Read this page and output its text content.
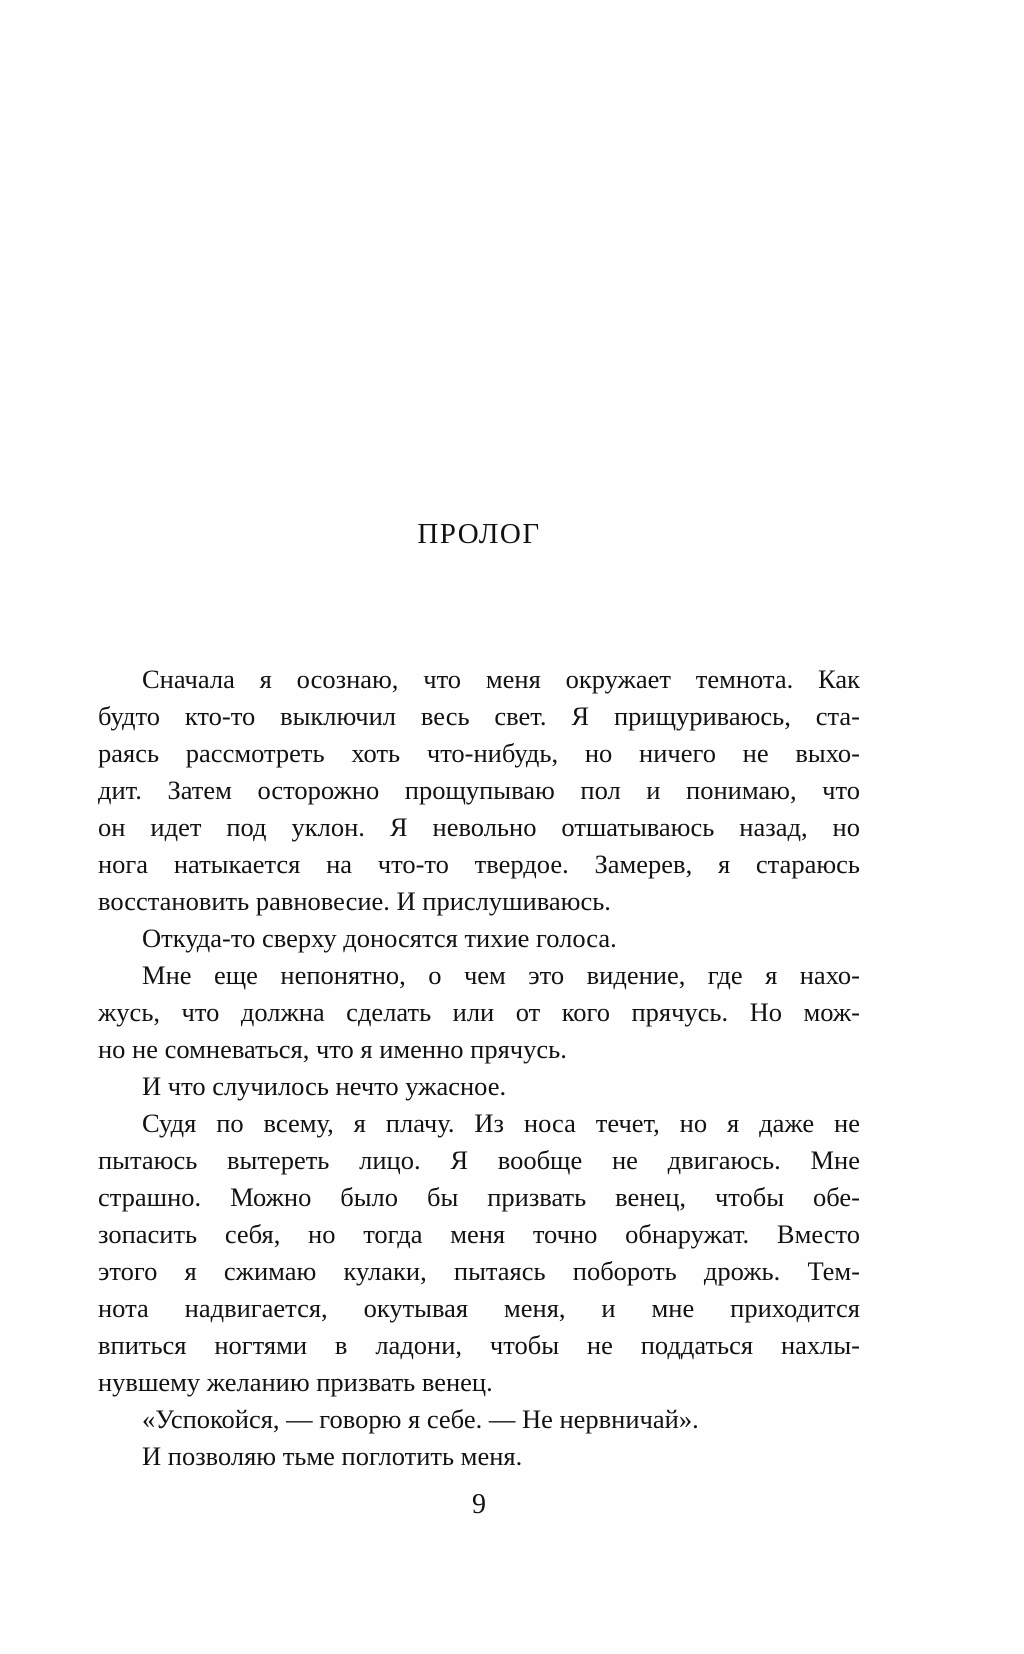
ПРОЛОГ
Сначала я осознаю, что меня окружает темнота. Как
будто кто-то выключил весь свет. Я прищуриваюсь, ста-
раясь рассмотреть хоть что-нибудь, но ничего не выхо-
дит. Затем осторожно прощупываю пол и понимаю, что
он идет под уклон. Я невольно отшатываюсь назад, но
нога натыкается на что-то твердое. Замерев, я стараюсь
восстановить равновесие. И прислушиваюсь.
Откуда-то сверху доносятся тихие голоса.
Мне еще непонятно, о чем это видение, где я нахо-
жусь, что должна сделать или от кого прячусь. Но мож-
но не сомневаться, что я именно прячусь.
И что случилось нечто ужасное.
Судя по всему, я плачу. Из носа течет, но я даже не
пытаюсь вытереть лицо. Я вообще не двигаюсь. Мне
страшно. Можно было бы призвать венец, чтобы обе-
зопасить себя, но тогда меня точно обнаружат. Вместо
этого я сжимаю кулаки, пытаясь побороть дрожь. Тем-
нота надвигается, окутывая меня, и мне приходится
впиться ногтями в ладони, чтобы не поддаться нахлы-
нувшему желанию призвать венец.
«Успокойся, — говорю я себе. — Не нервничай».
И позволяю тьме поглотить меня.
9
